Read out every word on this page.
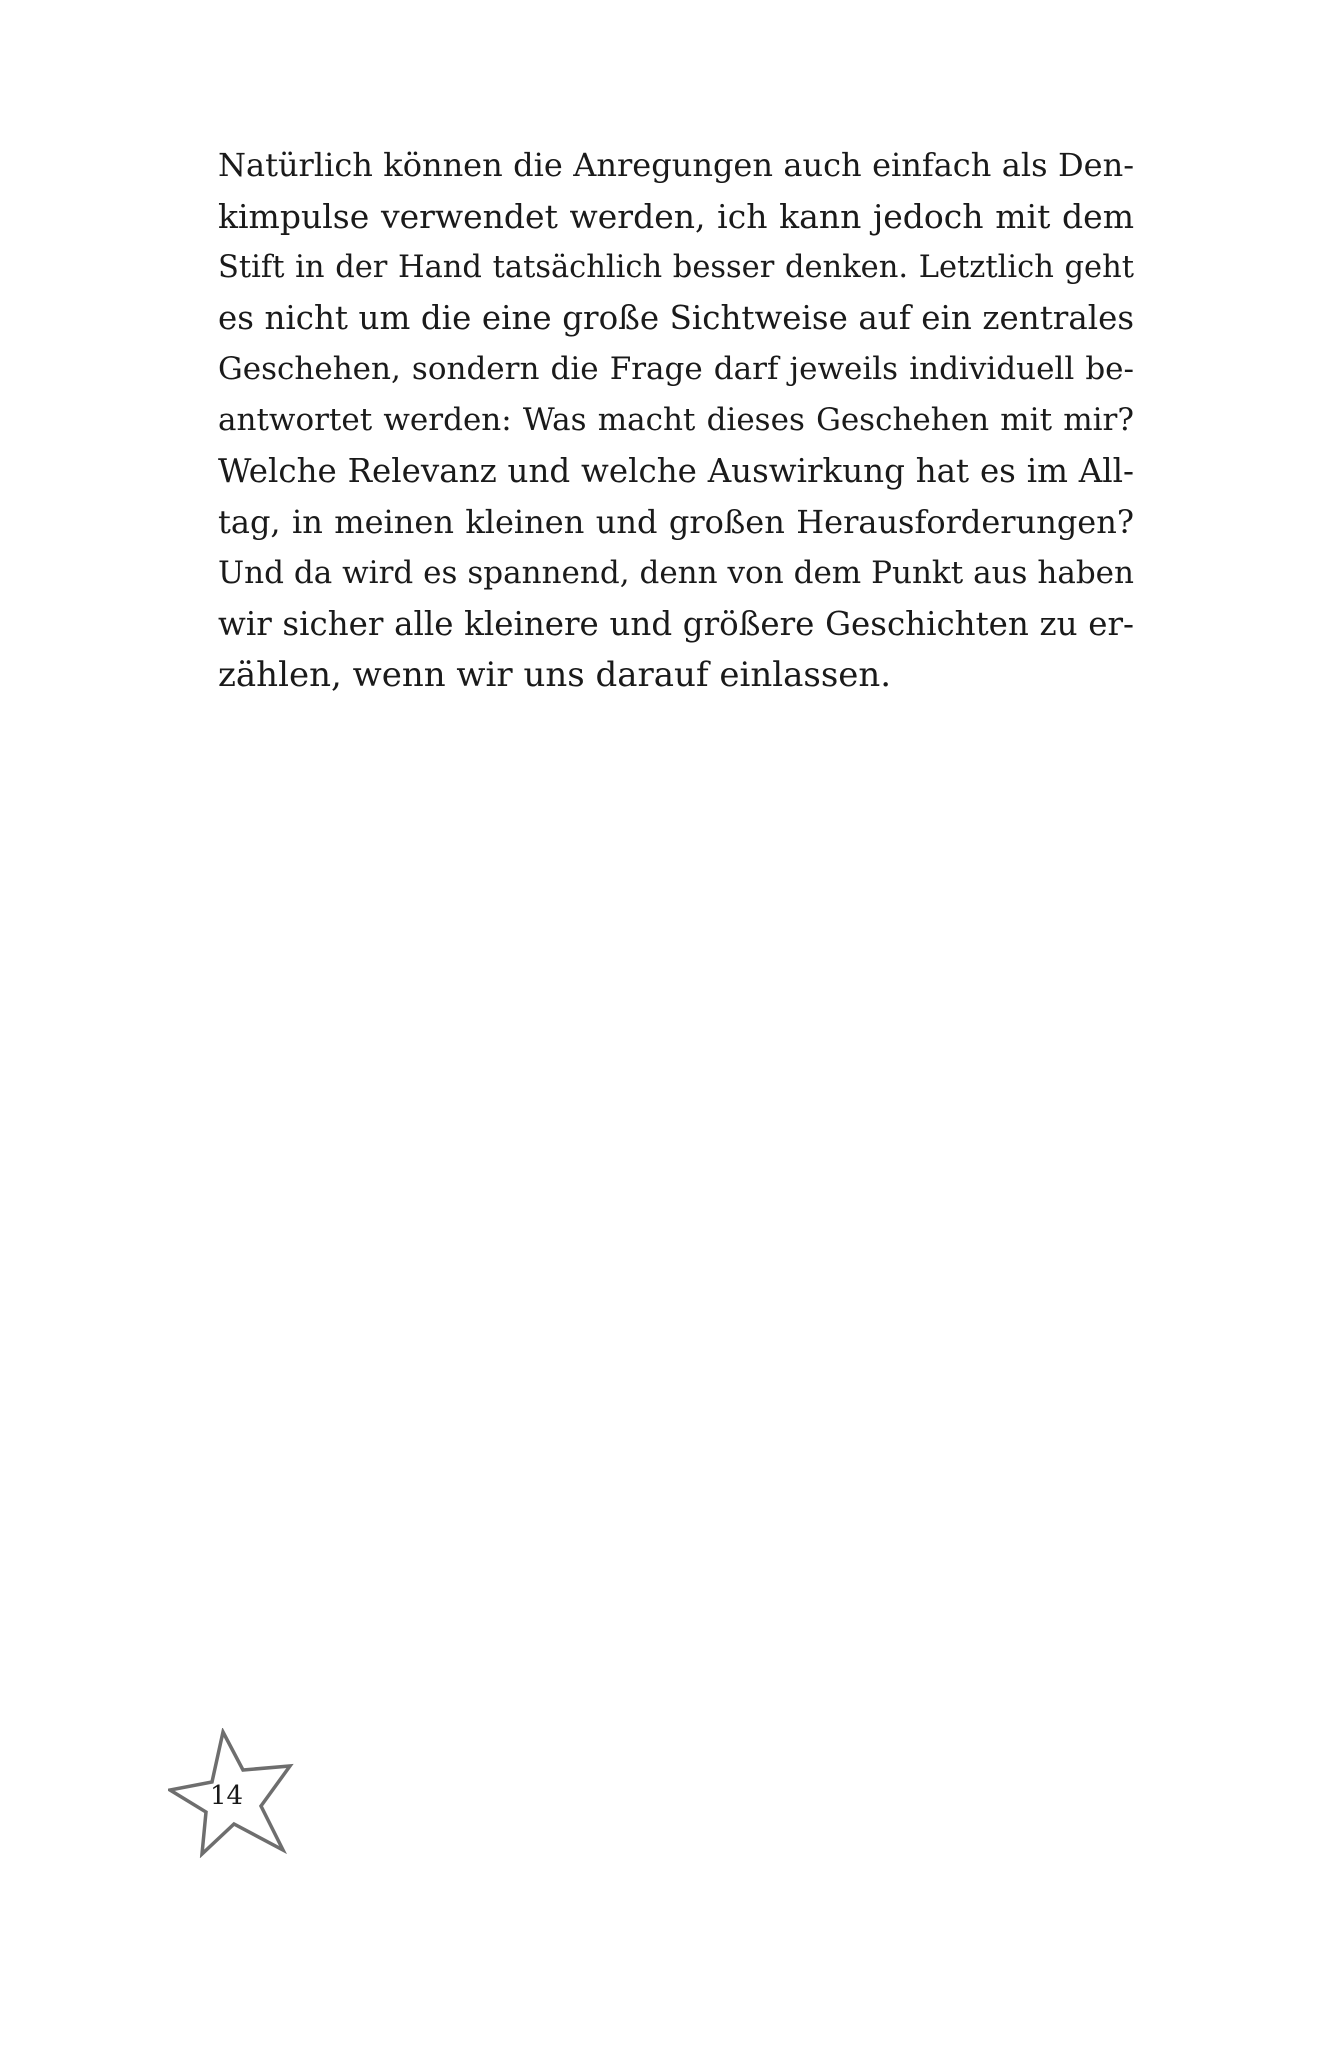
Natürlich können die Anregungen auch einfach als Den-
kimpulse verwendet werden, ich kann jedoch mit dem
Stift in der Hand tatsächlich besser denken. Letztlich geht
es nicht um die eine große Sichtweise auf ein zentrales
Geschehen, sondern die Frage darf jeweils individuell be-
antwortet werden: Was macht dieses Geschehen mit mir?
Welche Relevanz und welche Auswirkung hat es im All-
tag, in meinen kleinen und großen Herausforderungen?
Und da wird es spannend, denn von dem Punkt aus haben
wir sicher alle kleinere und größere Geschichten zu er-
zählen, wenn wir uns darauf einlassen.
14
